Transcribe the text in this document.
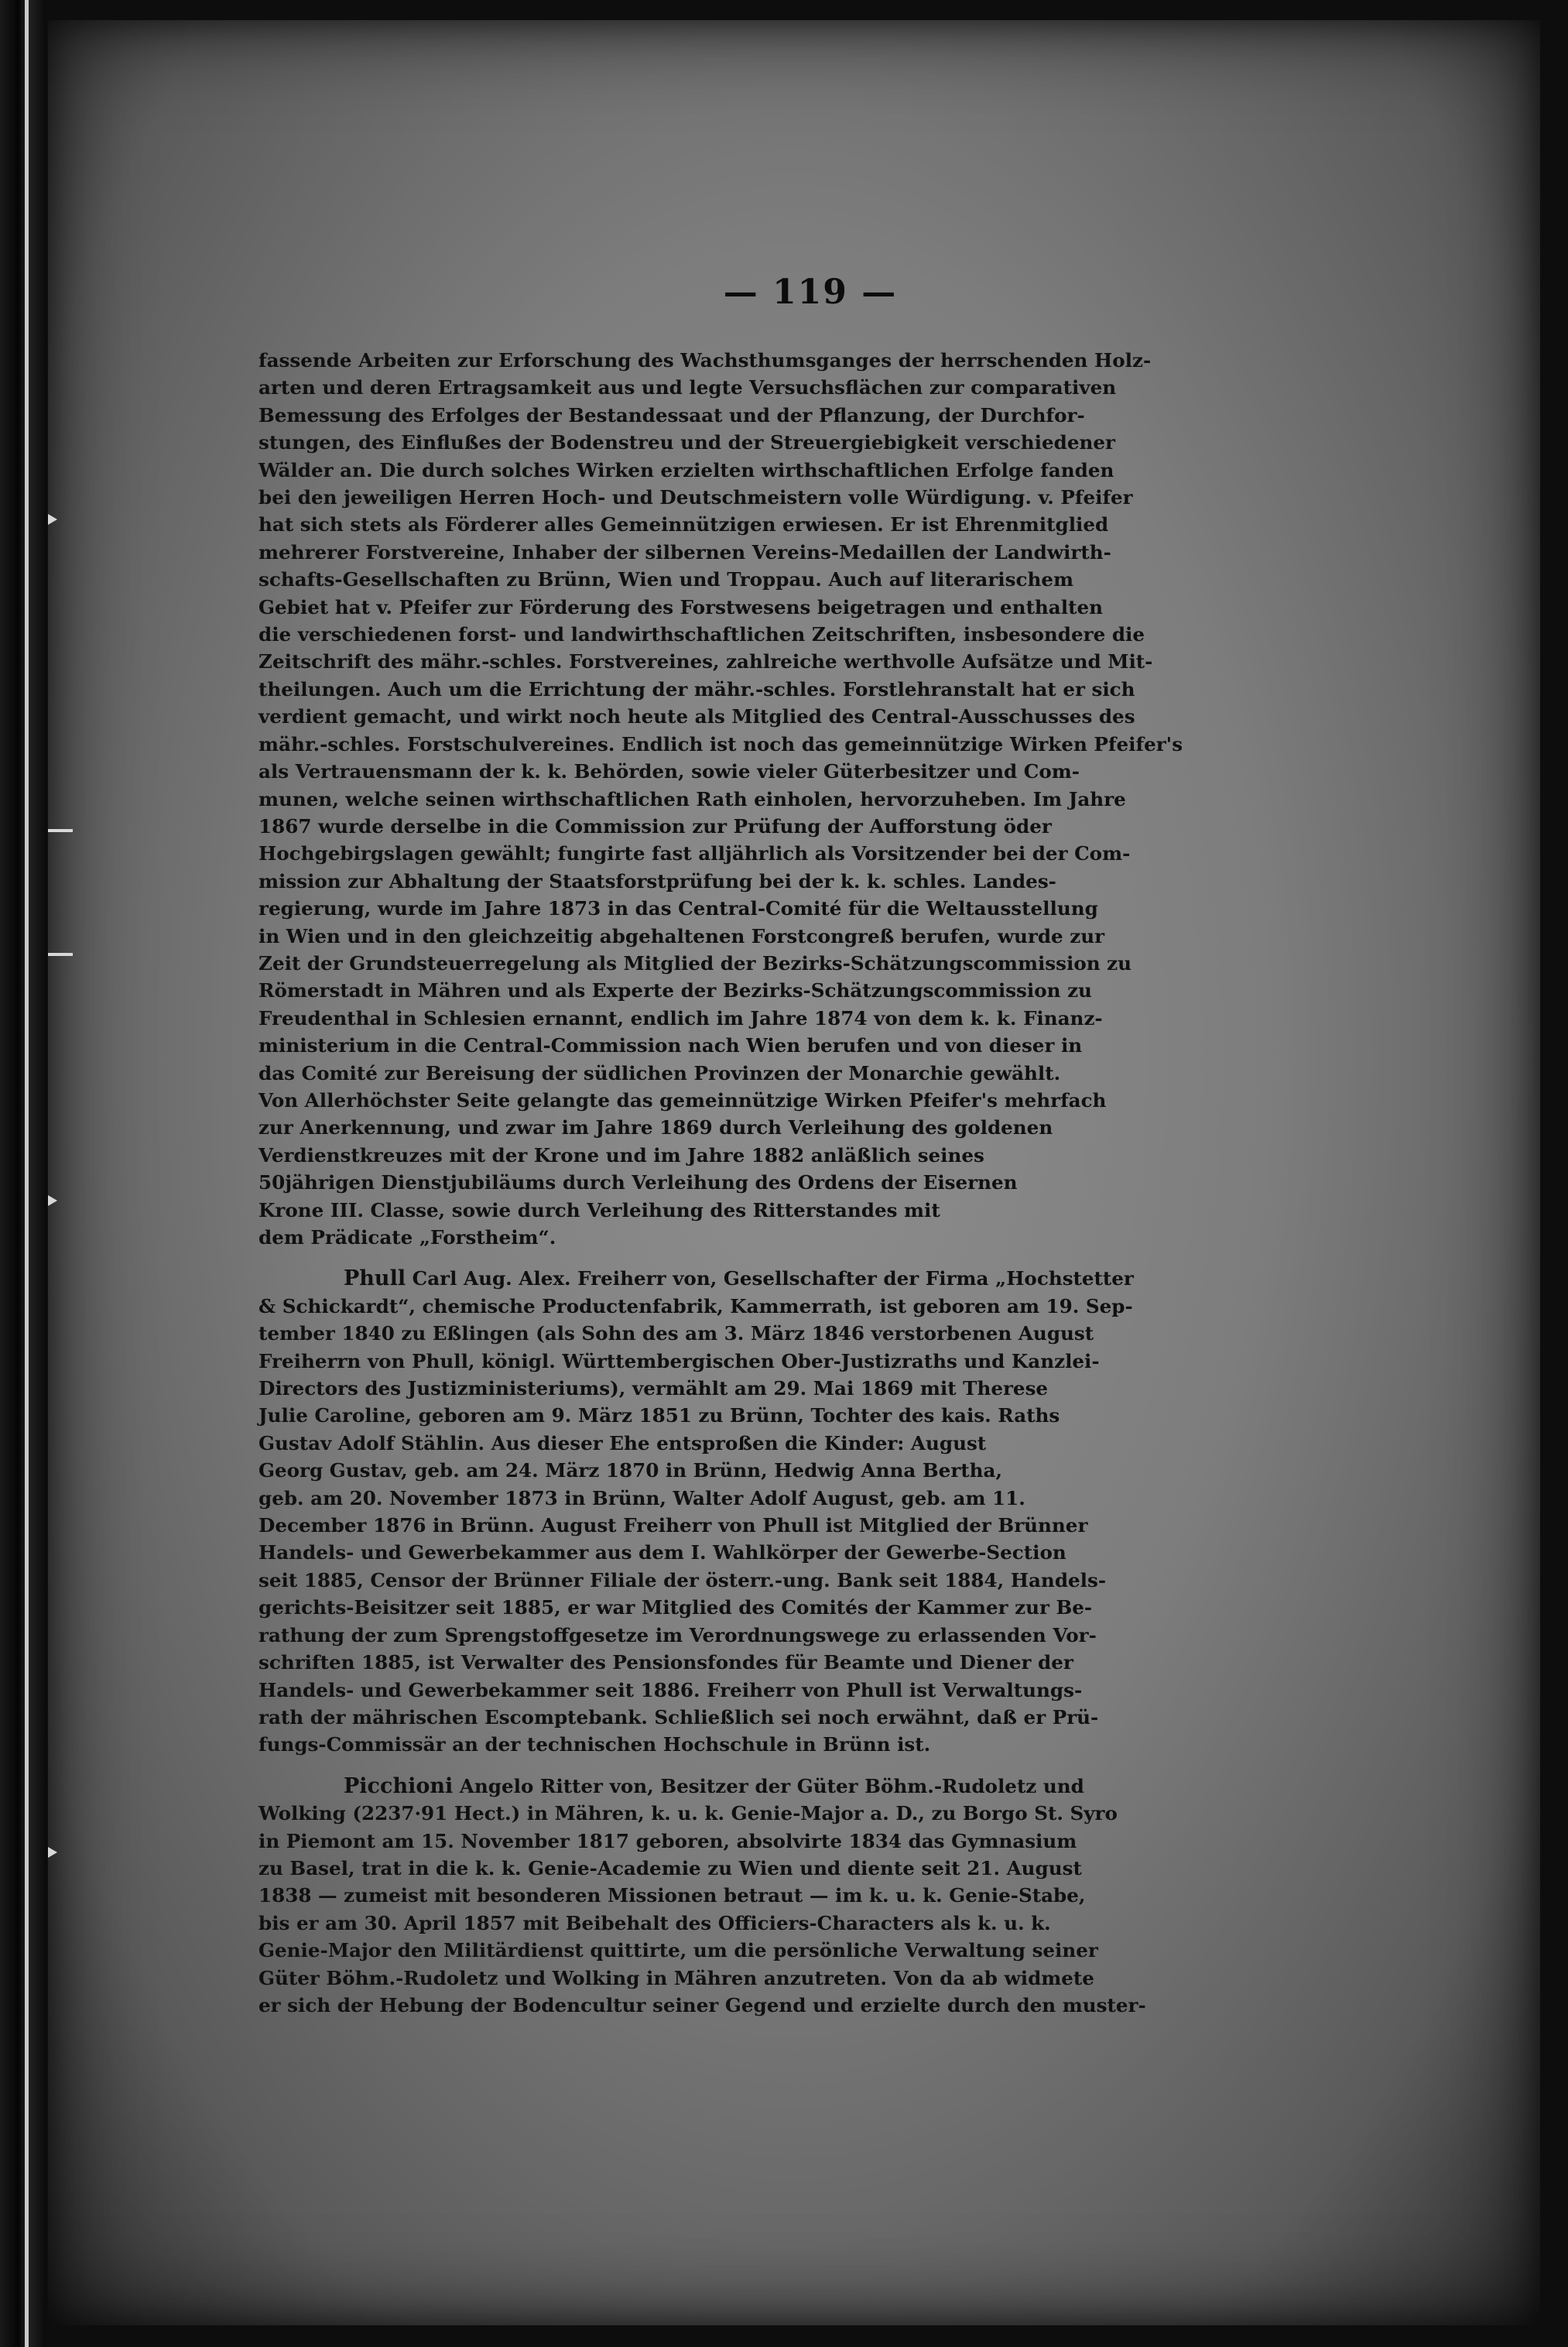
— 119 —

fassende Arbeiten zur Erforschung des Wachsthumsganges der herrschenden Holz-

arten und deren Ertragsamkeit aus und legte Versuchsflächen zur comparativen

Bemessung des Erfolges der Bestandessaat und der Pflanzung, der Durchfor-

stungen, des Einflußes der Bodenstreu und der Streuergiebigkeit verschiedener

Wälder an. Die durch solches Wirken erzielten wirthschaftlichen Erfolge fanden

bei den jeweiligen Herren Hoch- und Deutschmeistern volle Würdigung. v. Pfeifer

hat sich stets als Förderer alles Gemeinnützigen erwiesen. Er ist Ehrenmitglied

mehrerer Forstvereine, Inhaber der silbernen Vereins-Medaillen der Landwirth-

schafts-Gesellschaften zu Brünn, Wien und Troppau. Auch auf literarischem

Gebiet hat v. Pfeifer zur Förderung des Forstwesens beigetragen und enthalten

die verschiedenen forst- und landwirthschaftlichen Zeitschriften, insbesondere die

Zeitschrift des mähr.-schles. Forstvereines, zahlreiche werthvolle Aufsätze und Mit-

theilungen. Auch um die Errichtung der mähr.-schles. Forstlehranstalt hat er sich

verdient gemacht, und wirkt noch heute als Mitglied des Central-Ausschusses des

mähr.-schles. Forstschulvereines. Endlich ist noch das gemeinnützige Wirken Pfeifer's

als Vertrauensmann der k. k. Behörden, sowie vieler Güterbesitzer und Com-

munen, welche seinen wirthschaftlichen Rath einholen, hervorzuheben. Im Jahre

1867 wurde derselbe in die Commission zur Prüfung der Aufforstung öder

Hochgebirgslagen gewählt; fungirte fast alljährlich als Vorsitzender bei der Com-

mission zur Abhaltung der Staatsforstprüfung bei der k. k. schles. Landes-

regierung, wurde im Jahre 1873 in das Central-Comité für die Weltausstellung

in Wien und in den gleichzeitig abgehaltenen Forstcongreß berufen, wurde zur

Zeit der Grundsteuerregelung als Mitglied der Bezirks-Schätzungscommission zu

Römerstadt in Mähren und als Experte der Bezirks-Schätzungscommission zu

Freudenthal in Schlesien ernannt, endlich im Jahre 1874 von dem k. k. Finanz-

ministerium in die Central-Commission nach Wien berufen und von dieser in

das Comité zur Bereisung der südlichen Provinzen der Monarchie gewählt.

Von Allerhöchster Seite gelangte das gemeinnützige Wirken Pfeifer's mehrfach

zur Anerkennung, und zwar im Jahre 1869 durch Verleihung des goldenen

Verdienstkreuzes mit der Krone und im Jahre 1882 anläßlich seines

50jährigen Dienstjubiläums durch Verleihung des Ordens der Eisernen

Krone III. Classe, sowie durch Verleihung des Ritterstandes mit

dem Prädicate „Forstheim“.

Phull Carl Aug. Alex. Freiherr von, Gesellschafter der Firma „Hochstetter

& Schickardt“, chemische Productenfabrik, Kammerrath, ist geboren am 19. Sep-

tember 1840 zu Eßlingen (als Sohn des am 3. März 1846 verstorbenen August

Freiherrn von Phull, königl. Württembergischen Ober-Justizraths und Kanzlei-

Directors des Justizministeriums), vermählt am 29. Mai 1869 mit Therese

Julie Caroline, geboren am 9. März 1851 zu Brünn, Tochter des kais. Raths

Gustav Adolf Stählin. Aus dieser Ehe entsproßen die Kinder: August

Georg Gustav, geb. am 24. März 1870 in Brünn, Hedwig Anna Bertha,

geb. am 20. November 1873 in Brünn, Walter Adolf August, geb. am 11.

December 1876 in Brünn. August Freiherr von Phull ist Mitglied der Brünner

Handels- und Gewerbekammer aus dem I. Wahlkörper der Gewerbe-Section

seit 1885, Censor der Brünner Filiale der österr.-ung. Bank seit 1884, Handels-

gerichts-Beisitzer seit 1885, er war Mitglied des Comités der Kammer zur Be-

rathung der zum Sprengstoffgesetze im Verordnungswege zu erlassenden Vor-

schriften 1885, ist Verwalter des Pensionsfondes für Beamte und Diener der

Handels- und Gewerbekammer seit 1886. Freiherr von Phull ist Verwaltungs-

rath der mährischen Escomptebank. Schließlich sei noch erwähnt, daß er Prü-

fungs-Commissär an der technischen Hochschule in Brünn ist.

Picchioni Angelo Ritter von, Besitzer der Güter Böhm.-Rudoletz und

Wolking (2237·91 Hect.) in Mähren, k. u. k. Genie-Major a. D., zu Borgo St. Syro

in Piemont am 15. November 1817 geboren, absolvirte 1834 das Gymnasium

zu Basel, trat in die k. k. Genie-Academie zu Wien und diente seit 21. August

1838 — zumeist mit besonderen Missionen betraut — im k. u. k. Genie-Stabe,

bis er am 30. April 1857 mit Beibehalt des Officiers-Characters als k. u. k.

Genie-Major den Militärdienst quittirte, um die persönliche Verwaltung seiner

Güter Böhm.-Rudoletz und Wolking in Mähren anzutreten. Von da ab widmete

er sich der Hebung der Bodencultur seiner Gegend und erzielte durch den muster-
